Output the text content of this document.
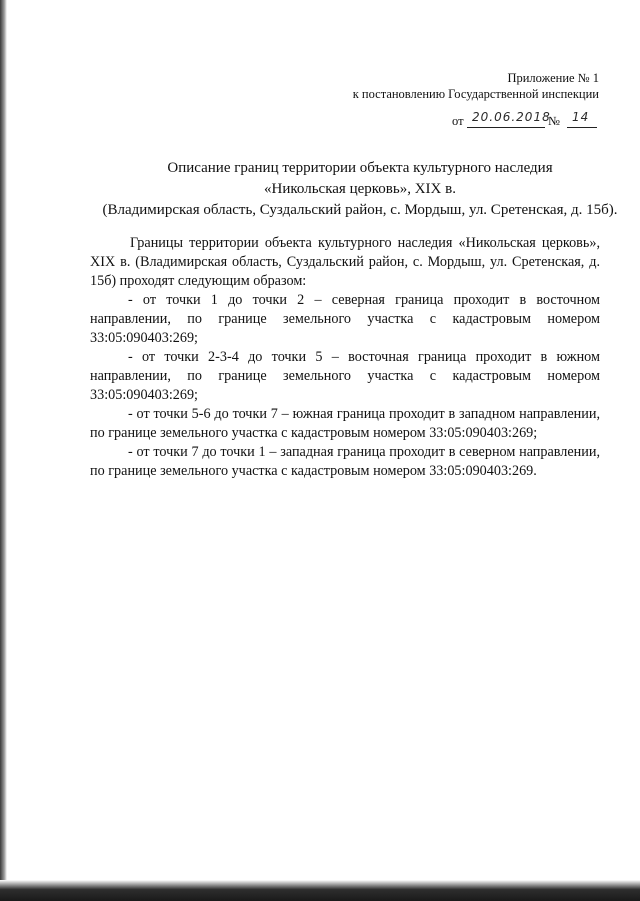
Приложение № 1
к постановлению Государственной инспекции
от 20.06.2018
№ 14
Описание границ территории объекта культурного наследия
«Никольская церковь», XIX в.
(Владимирская область, Суздальский район, с. Мордыш, ул. Сретенская, д. 15б).

Границы территории объекта культурного наследия «Никольская церковь», XIX в. (Владимирская область, Суздальский район, с. Мордыш, ул. Сретенская, д. 15б) проходят следующим образом:

- от точки 1 до точки 2 – северная граница проходит в восточном направлении, по границе земельного участка с кадастровым номером 33:05:090403:269;

- от точки 2-3-4 до точки 5 – восточная граница проходит в южном направлении, по границе земельного участка с кадастровым номером 33:05:090403:269;

- от точки 5-6 до точки 7 – южная граница проходит в западном направлении, по границе земельного участка с кадастровым номером 33:05:090403:269;

- от точки 7 до точки 1 – западная граница проходит в северном направлении, по границе земельного участка с кадастровым номером 33:05:090403:269.
